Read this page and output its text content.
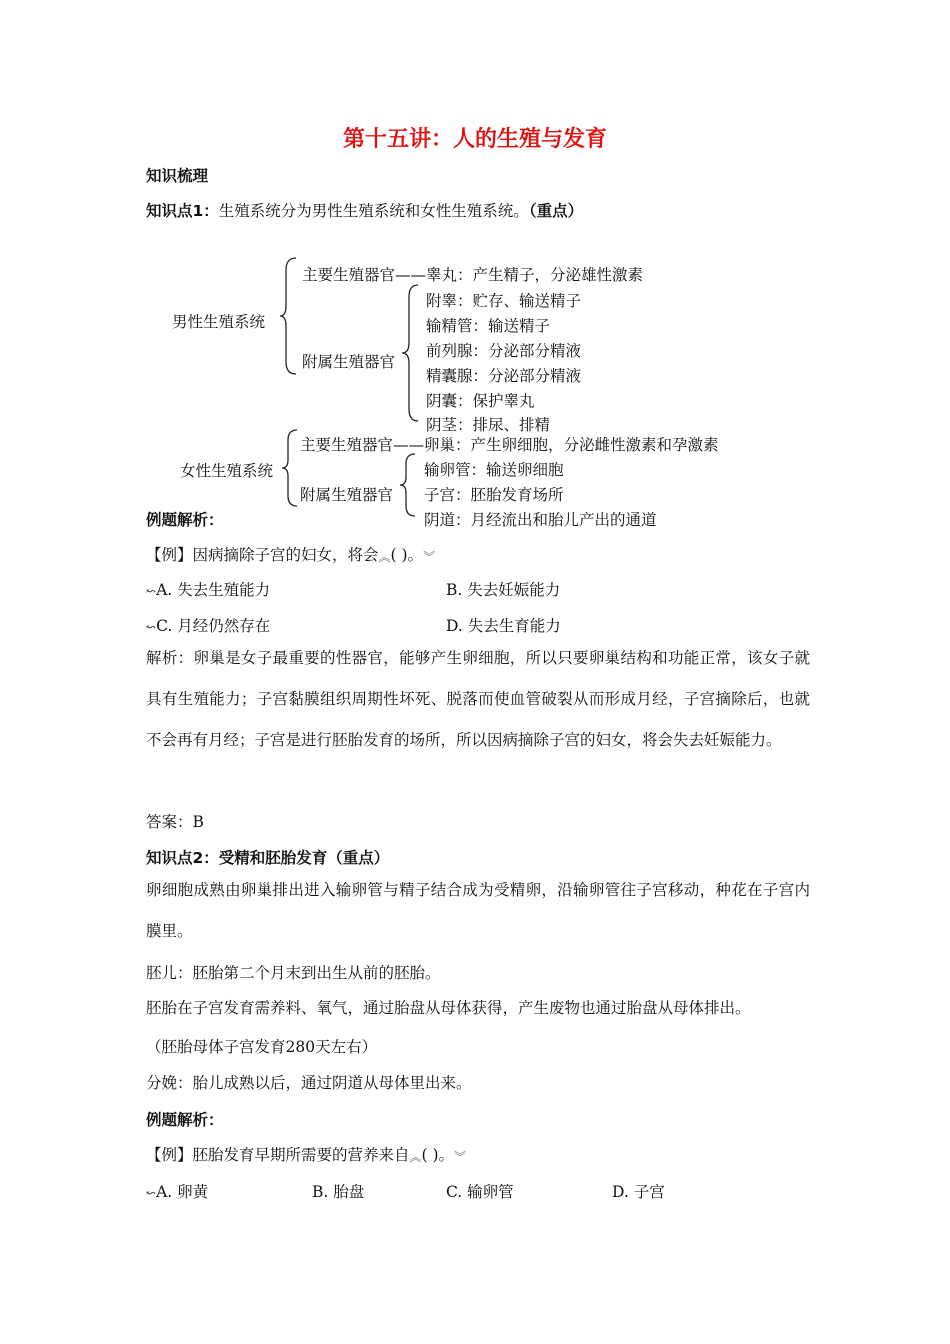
第十五讲：人的生殖与发育
知识梳理
知识点1：生殖系统分为男性生殖系统和女性生殖系统。（重点）
男性生殖系统
主要生殖器官——睾丸：产生精子，分泌雄性激素
附属生殖器官
附睾：贮存、输送精子
输精管：输送精子
前列腺：分泌部分精液
精囊腺：分泌部分精液
阴囊：保护睾丸
阴茎：排尿、排精
女性生殖系统
主要生殖器官——卵巢：产生卵细胞，分泌雌性激素和孕激素
附属生殖器官
输卵管：输送卵细胞
子宫：胚胎发育场所
阴道：月经流出和胎儿产出的通道
例题解析：
【例】因病摘除子宫的妇女，将会︽( )。︾
↜A. 失去生殖能力	B. 失去妊娠能力
↜C. 月经仍然存在	D. 失去生育能力
解析：卵巢是女子最重要的性器官，能够产生卵细胞，所以只要卵巢结构和功能正常，该女子就具有生殖能力；子宫黏膜组织周期性坏死、脱落而使血管破裂从而形成月经，子宫摘除后，也就不会再有月经；子宫是进行胚胎发育的场所，所以因病摘除子宫的妇女，将会失去妊娠能力。
答案：B
知识点2：受精和胚胎发育（重点）
卵细胞成熟由卵巢排出进入输卵管与精子结合成为受精卵，沿输卵管往子宫移动，种花在子宫内膜里。
胚儿：胚胎第二个月末到出生从前的胚胎。
胚胎在子宫发育需养料、氧气，通过胎盘从母体获得，产生废物也通过胎盘从母体排出。
（胚胎母体子宫发育280天左右）
分娩：胎儿成熟以后，通过阴道从母体里出来。
例题解析：
【例】胚胎发育早期所需要的营养来自︽( )。︾
↜A. 卵黄	B. 胎盘	C. 输卵管	D. 子宫
